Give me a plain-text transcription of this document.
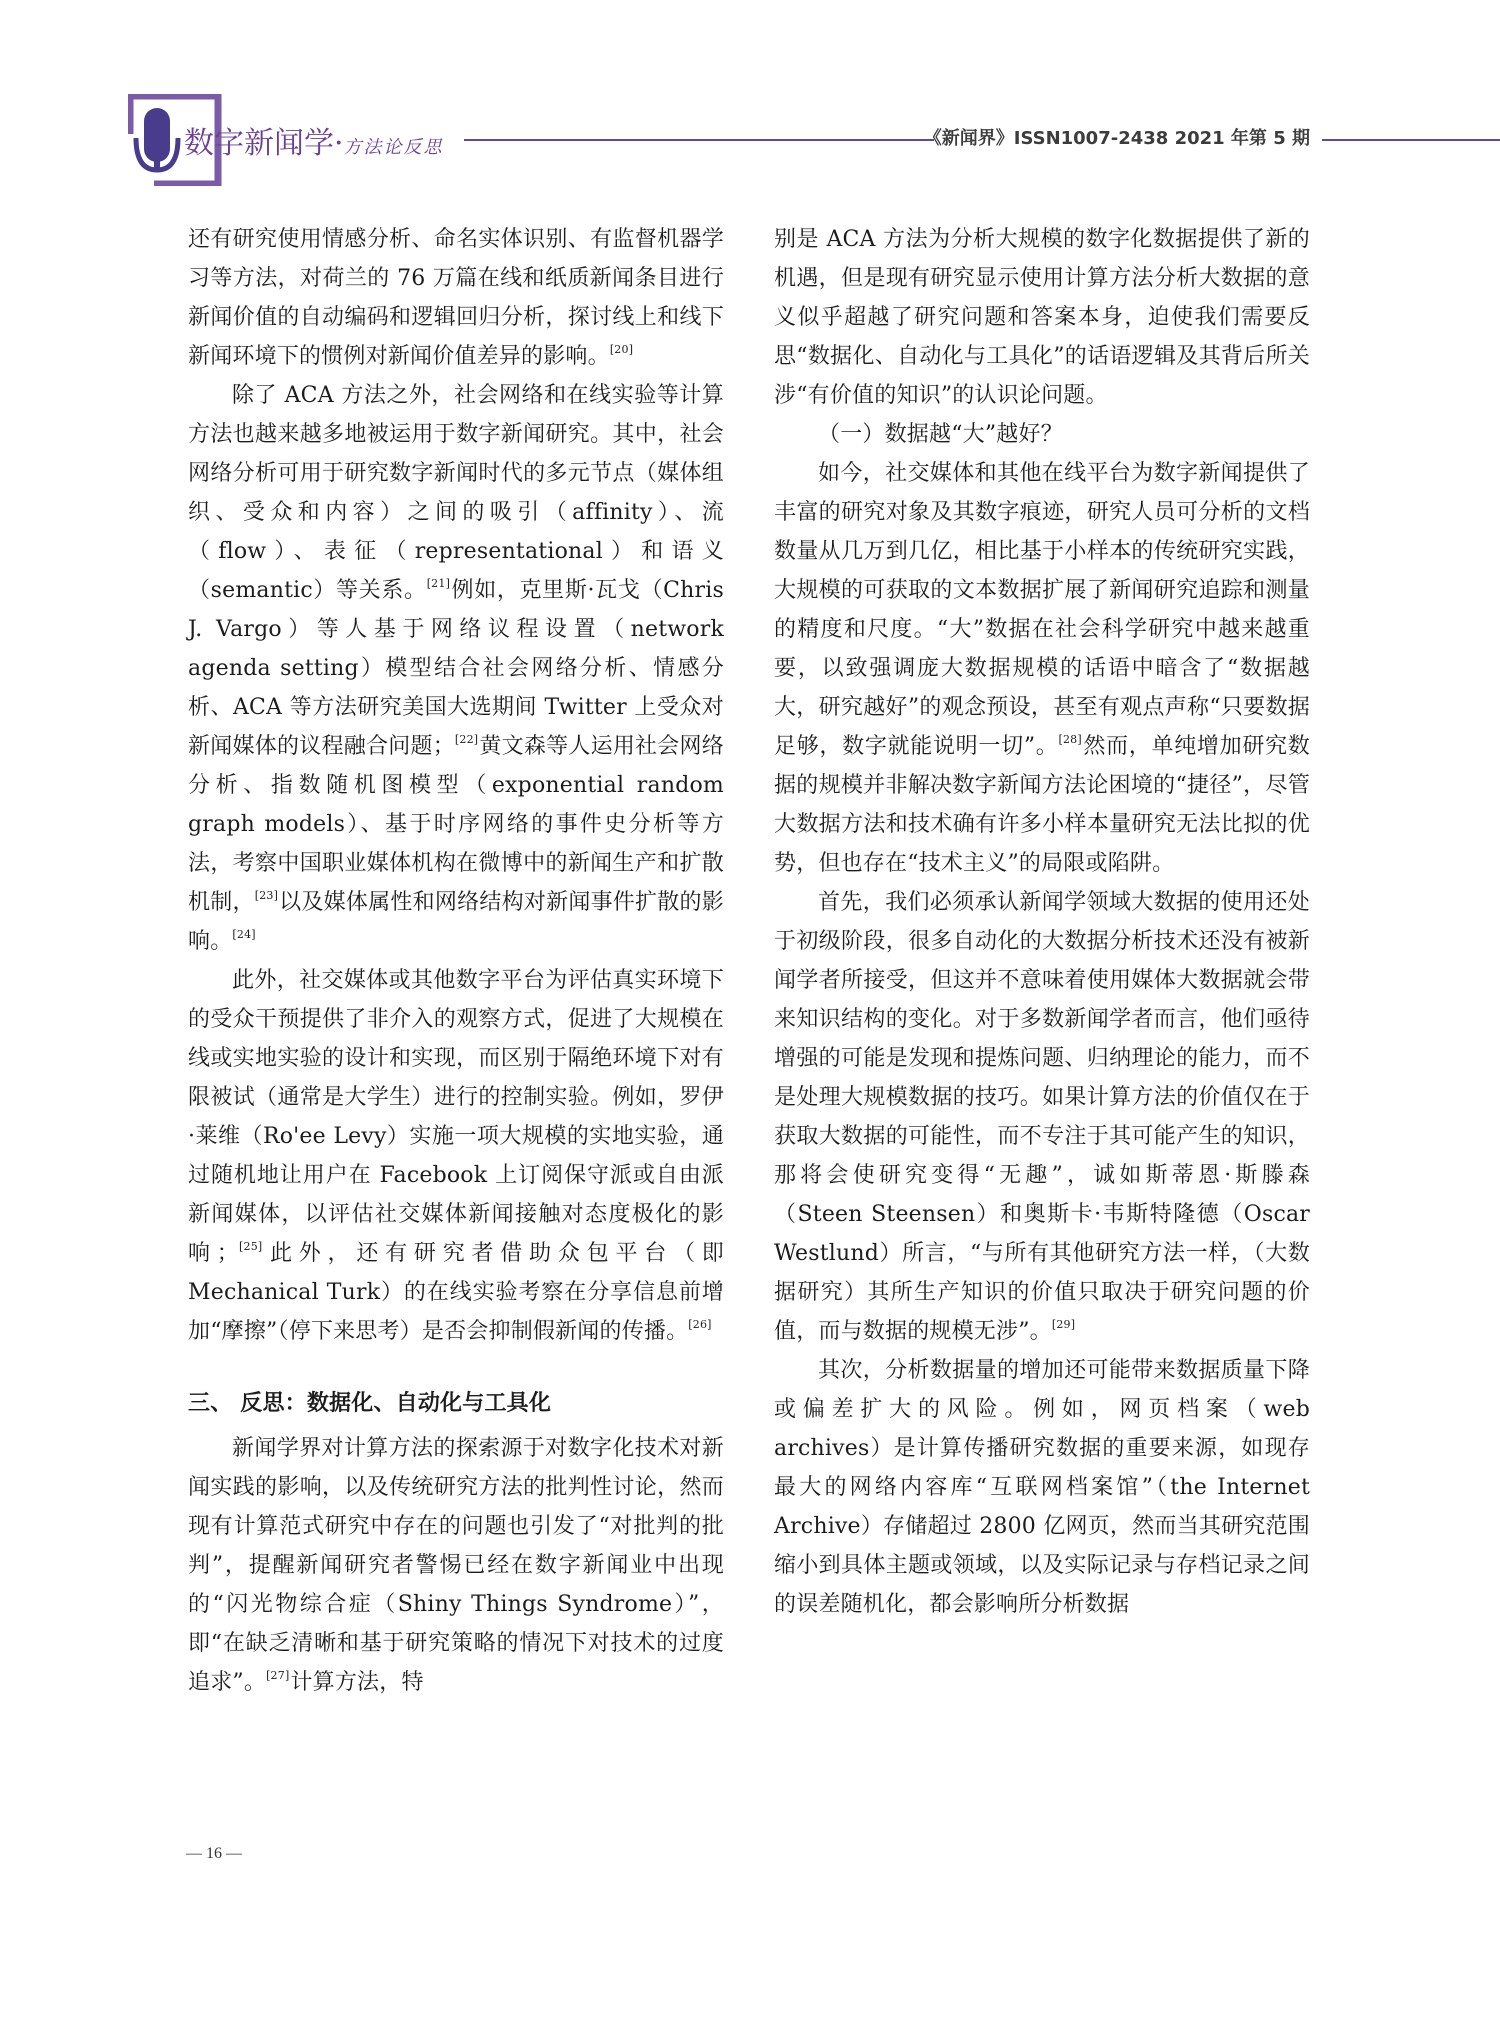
数字新闻学·方法论反思	《新闻界》ISSN1007-2438 2021 年第 5 期

还有研究使用情感分析、命名实体识别、有监督机器学习等方法，对荷兰的 76 万篇在线和纸质新闻条目进行新闻价值的自动编码和逻辑回归分析，探讨线上和线下新闻环境下的惯例对新闻价值差异的影响。[20]

除了 ACA 方法之外，社会网络和在线实验等计算方法也越来越多地被运用于数字新闻研究。其中，社会网络分析可用于研究数字新闻时代的多元节点（媒体组织、受众和内容）之间的吸引（affinity）、流（flow）、表征（representational）和语义（semantic）等关系。[21]例如，克里斯·瓦戈（Chris J. Vargo）等人基于网络议程设置（network agenda setting）模型结合社会网络分析、情感分析、ACA 等方法研究美国大选期间 Twitter 上受众对新闻媒体的议程融合问题；[22]黄文森等人运用社会网络分析、指数随机图模型（exponential random graph models）、基于时序网络的事件史分析等方法，考察中国职业媒体机构在微博中的新闻生产和扩散机制，[23]以及媒体属性和网络结构对新闻事件扩散的影响。[24]

此外，社交媒体或其他数字平台为评估真实环境下的受众干预提供了非介入的观察方式，促进了大规模在线或实地实验的设计和实现，而区别于隔绝环境下对有限被试（通常是大学生）进行的控制实验。例如，罗伊·莱维（Ro'ee Levy）实施一项大规模的实地实验，通过随机地让用户在 Facebook 上订阅保守派或自由派新闻媒体，以评估社交媒体新闻接触对态度极化的影响；[25]此外，还有研究者借助众包平台（即 Mechanical Turk）的在线实验考察在分享信息前增加“摩擦”（停下来思考）是否会抑制假新闻的传播。[26]

三、 反思：数据化、自动化与工具化

新闻学界对计算方法的探索源于对数字化技术对新闻实践的影响，以及传统研究方法的批判性讨论，然而现有计算范式研究中存在的问题也引发了“对批判的批判”，提醒新闻研究者警惕已经在数字新闻业中出现的“闪光物综合症（Shiny Things Syndrome）”，即“在缺乏清晰和基于研究策略的情况下对技术的过度追求”。[27]计算方法，特

别是 ACA 方法为分析大规模的数字化数据提供了新的机遇，但是现有研究显示使用计算方法分析大数据的意义似乎超越了研究问题和答案本身，迫使我们需要反思“数据化、自动化与工具化”的话语逻辑及其背后所关涉“有价值的知识”的认识论问题。

（一）数据越“大”越好？

如今，社交媒体和其他在线平台为数字新闻提供了丰富的研究对象及其数字痕迹，研究人员可分析的文档数量从几万到几亿，相比基于小样本的传统研究实践，大规模的可获取的文本数据扩展了新闻研究追踪和测量的精度和尺度。“大”数据在社会科学研究中越来越重要，以致强调庞大数据规模的话语中暗含了“数据越大，研究越好”的观念预设，甚至有观点声称“只要数据足够，数字就能说明一切”。[28]然而，单纯增加研究数据的规模并非解决数字新闻方法论困境的“捷径”，尽管大数据方法和技术确有许多小样本量研究无法比拟的优势，但也存在“技术主义”的局限或陷阱。

首先，我们必须承认新闻学领域大数据的使用还处于初级阶段，很多自动化的大数据分析技术还没有被新闻学者所接受，但这并不意味着使用媒体大数据就会带来知识结构的变化。对于多数新闻学者而言，他们亟待增强的可能是发现和提炼问题、归纳理论的能力，而不是处理大规模数据的技巧。如果计算方法的价值仅在于获取大数据的可能性，而不专注于其可能产生的知识，那将会使研究变得“无趣”，诚如斯蒂恩·斯滕森（Steen Steensen）和奥斯卡·韦斯特隆德（Oscar Westlund）所言，“与所有其他研究方法一样，（大数据研究）其所生产知识的价值只取决于研究问题的价值，而与数据的规模无涉”。[29]

其次，分析数据量的增加还可能带来数据质量下降或偏差扩大的风险。例如，网页档案（web archives）是计算传播研究数据的重要来源，如现存最大的网络内容库“互联网档案馆”（the Internet Archive）存储超过 2800 亿网页，然而当其研究范围缩小到具体主题或领域，以及实际记录与存档记录之间的误差随机化，都会影响所分析数据

— 16 —
